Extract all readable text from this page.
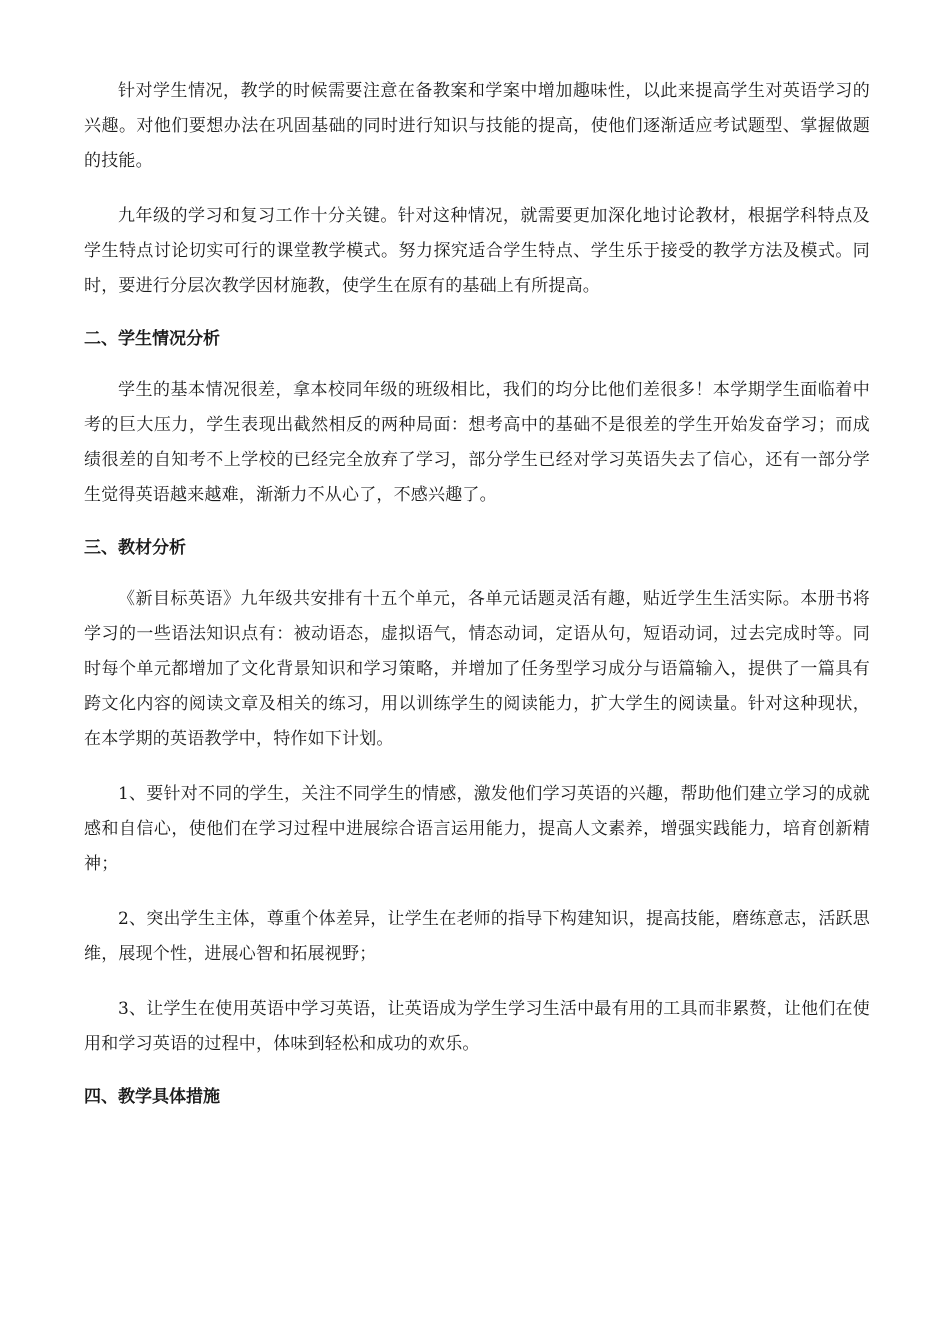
针对学生情况，教学的时候需要注意在备教案和学案中增加趣味性，以此来提高学生对英语学习的兴趣。对他们要想办法在巩固基础的同时进行知识与技能的提高，使他们逐渐适应考试题型、掌握做题的技能。

九年级的学习和复习工作十分关键。针对这种情况，就需要更加深化地讨论教材，根据学科特点及学生特点讨论切实可行的课堂教学模式。努力探究适合学生特点、学生乐于接受的教学方法及模式。同时，要进行分层次教学因材施教，使学生在原有的基础上有所提高。

二、学生情况分析

学生的基本情况很差，拿本校同年级的班级相比，我们的均分比他们差很多！本学期学生面临着中考的巨大压力，学生表现出截然相反的两种局面：想考高中的基础不是很差的学生开始发奋学习；而成绩很差的自知考不上学校的已经完全放弃了学习，部分学生已经对学习英语失去了信心，还有一部分学生觉得英语越来越难，渐渐力不从心了，不感兴趣了。

三、教材分析

《新目标英语》九年级共安排有十五个单元，各单元话题灵活有趣，贴近学生生活实际。本册书将学习的一些语法知识点有：被动语态，虚拟语气，情态动词，定语从句，短语动词，过去完成时等。同时每个单元都增加了文化背景知识和学习策略，并增加了任务型学习成分与语篇输入，提供了一篇具有跨文化内容的阅读文章及相关的练习，用以训练学生的阅读能力，扩大学生的阅读量。针对这种现状，在本学期的英语教学中，特作如下计划。

1、要针对不同的学生，关注不同学生的情感，激发他们学习英语的兴趣，帮助他们建立学习的成就感和自信心，使他们在学习过程中进展综合语言运用能力，提高人文素养，增强实践能力，培育创新精神；

2、突出学生主体，尊重个体差异，让学生在老师的指导下构建知识，提高技能，磨练意志，活跃思维，展现个性，进展心智和拓展视野；

3、让学生在使用英语中学习英语，让英语成为学生学习生活中最有用的工具而非累赘，让他们在使用和学习英语的过程中，体味到轻松和成功的欢乐。

四、教学具体措施
